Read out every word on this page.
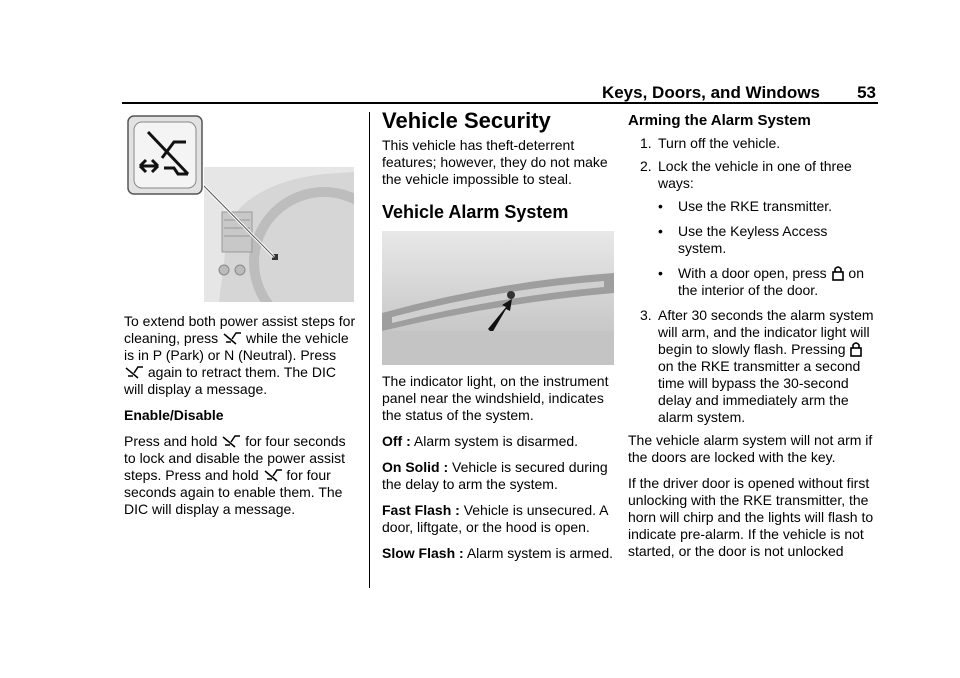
Keys, Doors, and Windows 53

To extend both power assist steps for cleaning, press while the vehicle is in P (Park) or N (Neutral). Press  again to retract them. The DIC will display a message.

Enable/Disable

Press and hold for four seconds to lock and disable the power assist steps. Press and hold for four seconds again to enable them. The DIC will display a message.

Vehicle Security

This vehicle has theft-deterrent features; however, they do not make the vehicle impossible to steal.

Vehicle Alarm System

The indicator light, on the instrument panel near the windshield, indicates the status of the system.

Off : Alarm system is disarmed.

On Solid : Vehicle is secured during the delay to arm the system.

Fast Flash : Vehicle is unsecured. A door, liftgate, or the hood is open.

Slow Flash : Alarm system is armed.

Arming the Alarm System
1. Turn off the vehicle.
2. Lock the vehicle in one of three ways:
• Use the RKE transmitter.
• Use the Keyless Access system.
• With a door open, press on the interior of the door.
3. After 30 seconds the alarm system will arm, and the indicator light will begin to slowly flash. Pressing  on the RKE transmitter a second time will bypass the 30-second delay and immediately arm the alarm system.

The vehicle alarm system will not arm if the doors are locked with the key.

If the driver door is opened without first unlocking with the RKE transmitter, the horn will chirp and the lights will flash to indicate pre-alarm. If the vehicle is not started, or the door is not unlocked
